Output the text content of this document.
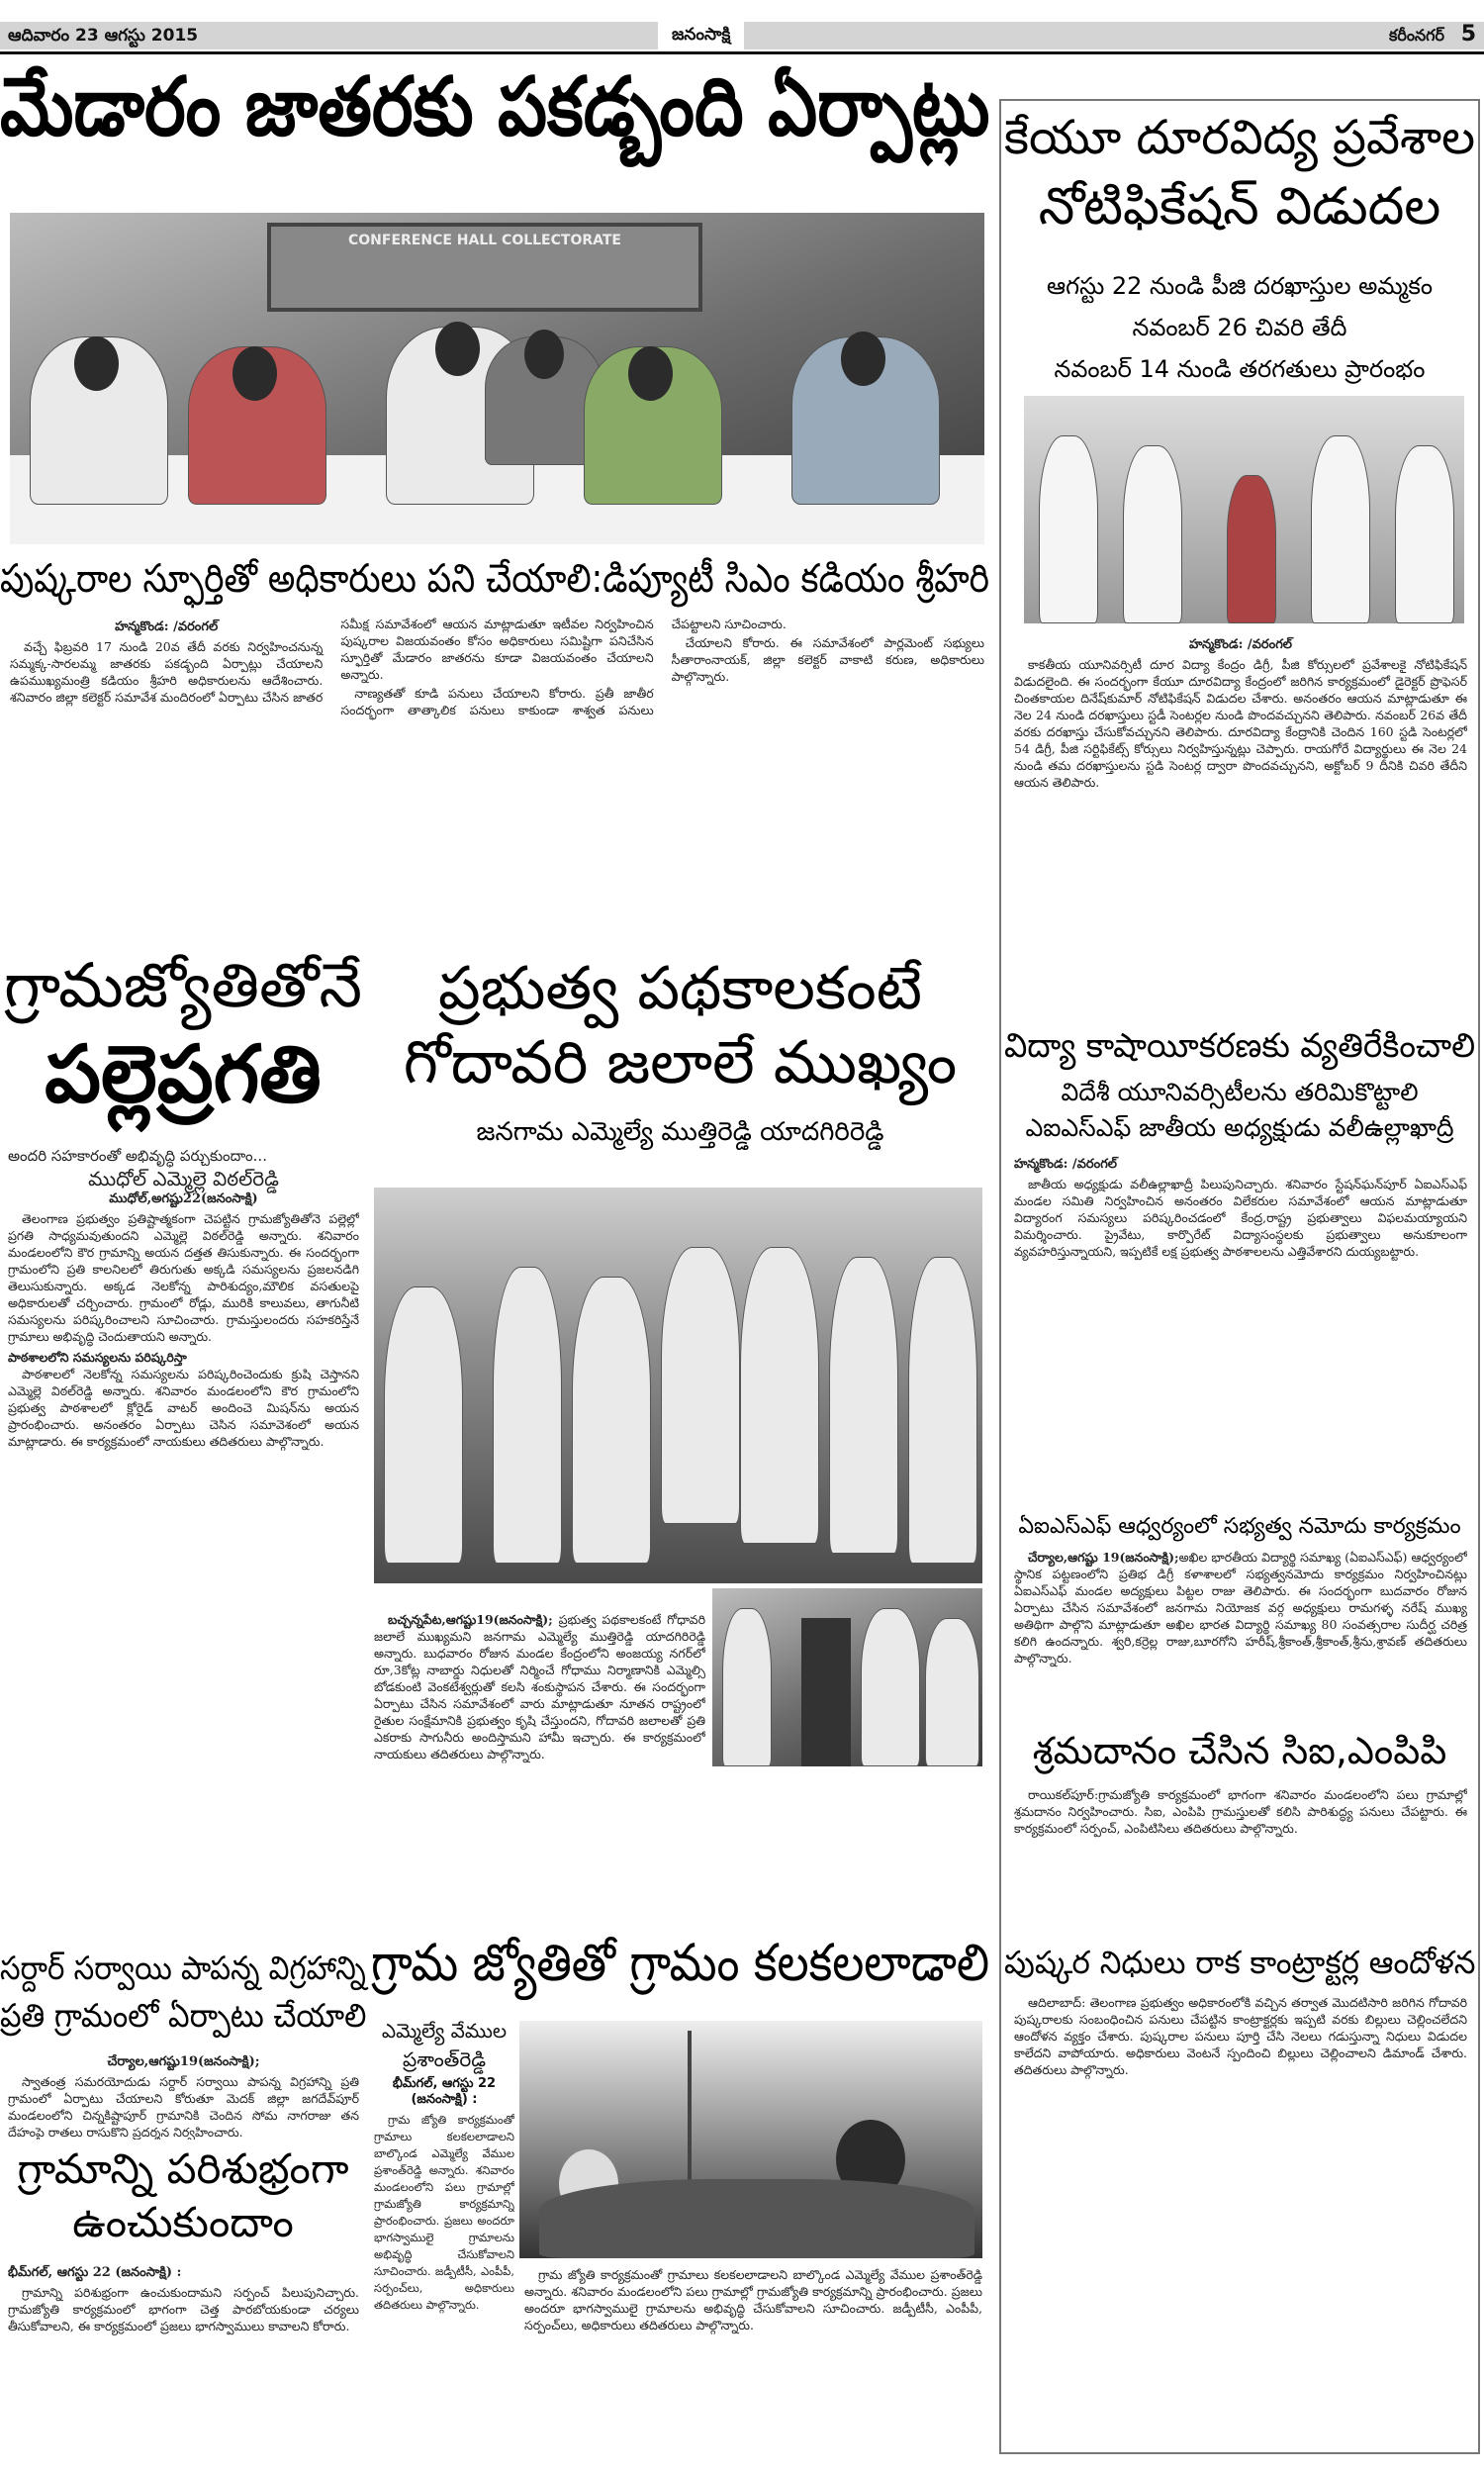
ఆదివారం 23 ఆగస్టు 2015	జనంసాక్షి	కరీంనగర్ 5
మేడారం జాతరకు పకడ్బంది ఏర్పాట్లు
CONFERENCE HALL COLLECTORATE
పుష్కరాల స్ఫూర్తితో అధికారులు పని చేయాలి:డిప్యూటీ సిఎం కడియం శ్రీహరి
హన్మకొండ: /వరంగల్

వచ్చే ఫిబ్రవరి 17 నుండి 20వ తేదీ వరకు నిర్వహించనున్న సమ్మక్క-సారలమ్మ జాతరకు పకడ్బంది ఏర్పాట్లు చేయాలని ఉపముఖ్యమంత్రి కడియం శ్రీహరి అధికారులను ఆదేశించారు. శనివారం జిల్లా కలెక్టర్ సమావేశ మందిరంలో ఏర్పాటు చేసిన జాతర సమీక్ష సమావేశంలో ఆయన మాట్లాడుతూ ఇటీవల నిర్వహించిన పుష్కరాల విజయవంతం కోసం అధికారులు సమిష్టిగా పనిచేసిన స్ఫూర్తితో మేడారం జాతరను కూడా విజయవంతం చేయాలని అన్నారు.

నాణ్యతతో కూడి పనులు చేయాలని కోరారు. ప్రతీ జాతీర సందర్భంగా తాత్కాలిక పనులు కాకుండా శాశ్వత పనులు చేపట్టాలని సూచించారు.

చేయాలని కోరారు. ఈ సమావేశంలో పార్లమెంట్ సభ్యులు సీతారాంనాయక్, జిల్లా కలెక్టర్ వాకాటి కరుణ, అధికారులు పాల్గొన్నారు.

గ్రామజ్యోతితోనే
పల్లెప్రగతి
అందరి సహకారంతో అభివృద్ధి పర్చుకుందాం...
ముధోల్ ఎమ్మెల్లె విఠల్‌రెడ్డి
ముధోల్,అగష్టు22(జనంసాక్షి)

తెలంగాణ ప్రభుత్వం ప్రతిష్టాత్మకంగా చెపట్టిన గ్రామజ్యోతితోనె పల్లెల్లో ప్రగతి సాధ్యమవుతుందని ఎమ్మెల్లె విఠల్‌రెడ్డి అన్నారు. శనివారం మండలంలోని కౌర గ్రామాన్ని అయన దత్తత తిసుకున్నారు. ఈ సందర్భంగా గ్రామంలోని ప్రతి కాలనిలలో తిరుగుతు అక్కడి సమస్యలను ప్రజలనడిగి తెలుసుకున్నారు. అక్కడ నెలకోన్న పారిశుద్యం,మౌలిక వసతులపై అధికారులతో చర్చించారు. గ్రామంలో రోడ్లు, మురికి కాలువలు, తాగునీటి సమస్యలను పరిష్కరించాలని సూచించారు. గ్రామస్తులందరు సహకరిస్తేనే గ్రామాలు అభివృద్ధి చెందుతాయని అన్నారు.

పాఠశాలలోని సమస్యలను పరిష్కరిస్తా

పాఠశాలలో నెలకోన్న సమస్యలను పరిష్కరించెందుకు క్రుషి చెస్తానని ఎమ్మెల్లె విఠల్‌రెడ్డి అన్నారు. శనివారం మండలంలోని కౌర గ్రామంలోని ప్రభుత్వ పాఠశాలలో క్లోరైడ్ వాటర్ అందించె మిషన్‌ను అయన ప్రారంభించారు. అనంతరం ఏర్పాటు చెసిన సమావెశంలో అయన మాట్లాడారు. ఈ కార్యక్రమంలో నాయకులు తదితరులు పాల్గొన్నారు.

సర్దార్ సర్వాయి పాపన్న విగ్రహాన్ని
ప్రతి గ్రామంలో ఏర్పాటు చేయాలి
చేర్యాల,ఆగష్టు19(జనంసాక్షి);

స్వాతంత్ర సమరయోదుడు సర్దార్ సర్వాయి పాపన్న విగ్రహాన్ని ప్రతి గ్రామంలో ఏర్పాటు చేయాలని కోరుతూ మెదక్ జిల్లా జగదేవ్‌పూర్ మండలంలోని చిన్నకిష్టాపూర్ గ్రామానికి చెందిన సోమ నాగరాజు తన దేహంపై రాతలు రాసుకొని ప్రదర్శన నిర్వహించారు.

గ్రామాన్ని పరిశుభ్రంగా
ఉంచుకుందాం
భీమ్‌గల్, ఆగస్టు 22 (జనంసాక్షి) :

గ్రామాన్ని పరిశుభ్రంగా ఉంచుకుందామని సర్పంచ్ పిలుపునిచ్చారు. గ్రామజ్యోతి కార్యక్రమంలో భాగంగా చెత్త పారబోయకుండా చర్యలు తీసుకోవాలని, ఈ కార్యక్రమంలో ప్రజలు భాగస్వాములు కావాలని కోరారు.

ప్రభుత్వ పథకాలకంటే
గోదావరి జలాలే ముఖ్యం
జనగామ ఎమ్మెల్యే ముత్తిరెడ్డి యాదగిరిరెడ్డి

బచ్చన్నపేట,ఆగష్టు19(జనంసాక్షి); ప్రభుత్వ పథకాలకంటే గోధావరి జలాలే ముఖ్యమని జనగామ ఎమ్మెల్యే ముత్తిరెడ్డి యాదగిరిరెడ్డి అన్నారు. బుధవారం రోజున మండల కేంద్రంలోని అంజయ్య నగర్‌లో రూ,3కోట్ల నాబార్డు నిధులతో నిర్మించే గోధాము నిర్మాణానికి ఎమ్మెల్సి బోడకుంటి వెంకటేశ్వర్లుతో కలసి శంకుస్థాపన చేశారు. ఈ సందర్భంగా ఏర్పాటు చేసిన సమావేశంలో వారు మాట్లాడుతూ నూతన రాష్ట్రంలో రైతుల సంక్షేమానికి ప్రభుత్వం కృషి చేస్తుందని, గోదావరి జలాలతో ప్రతి ఎకరాకు సాగునీరు అందిస్తామని హామీ ఇచ్చారు. ఈ కార్యక్రమంలో నాయకులు తదితరులు పాల్గొన్నారు.

గ్రామ జ్యోతితో గ్రామం కలకలలాడాలి
ఎమ్మెల్యే వేముల
ప్రశాంత్‌రెడ్డి
భీమ్‌గల్, ఆగస్టు 22 (జనంసాక్షి) :

గ్రామ జ్యోతి కార్యక్రమంతో గ్రామాలు కలకలలాడాలని బాల్కొండ ఎమ్మెల్యే వేముల ప్రశాంత్‌రెడ్డి అన్నారు. శనివారం మండలంలోని పలు గ్రామాల్లో గ్రామజ్యోతి కార్యక్రమాన్ని ప్రారంభించారు. ప్రజలు అందరూ భాగస్వాములై గ్రామాలను అభివృద్ధి చేసుకోవాలని సూచించారు. జడ్పీటీసీ, ఎంపీపీ, సర్పంచ్‌లు, అధికారులు తదితరులు పాల్గొన్నారు.

గ్రామ జ్యోతి కార్యక్రమంతో గ్రామాలు కలకలలాడాలని బాల్కొండ ఎమ్మెల్యే వేముల ప్రశాంత్‌రెడ్డి అన్నారు. శనివారం మండలంలోని పలు గ్రామాల్లో గ్రామజ్యోతి కార్యక్రమాన్ని ప్రారంభించారు. ప్రజలు అందరూ భాగస్వాములై గ్రామాలను అభివృద్ధి చేసుకోవాలని సూచించారు. జడ్పీటీసీ, ఎంపీపీ, సర్పంచ్‌లు, అధికారులు తదితరులు పాల్గొన్నారు.

కేయూ దూరవిద్య ప్రవేశాల
నోటిఫికేషన్ విడుదల
ఆగస్టు 22 నుండి పీజి దరఖాస్తుల అమ్మకం
నవంబర్ 26 చివరి తేదీ
నవంబర్ 14 నుండి తరగతులు ప్రారంభం
హన్మకొండ: /వరంగల్

కాకతీయ యూనివర్సిటీ దూర విద్యా కేంద్రం డిగ్రీ, పీజి కోర్సులలో ప్రవేశాలకై నోటిఫికేషన్ విడుదలైంది. ఈ సందర్భంగా కేయూ దూరవిద్యా కేంద్రంలో జరిగిన కార్యక్రమంలో డైరెక్టర్ ప్రొఫెసర్ చింతకాయల దినేష్‌కుమార్ నోటిఫికేషన్ విడుదల చేశారు. అనంతరం ఆయన మాట్లాడుతూ ఈ నెల 24 నుండి దరఖాస్తులు స్టడీ సెంటర్లల నుండి పొందవచ్చునని తెలిపారు. నవంబర్ 26వ తేదీ వరకు దరఖాస్తు చేసుకోవచ్చునని తెలిపారు. దూరవిద్యా కేంద్రానికి చెందిన 160 స్టడి సెంటర్లలో 54 డిగ్రీ, పీజి సర్టిఫికేట్స్ కోర్సులు నిర్వహిస్తున్నట్లు చెప్పారు. రాయగోరే విద్యార్థులు ఈ నెల 24 నుండి తమ దరఖాస్తులను స్టడి సెంటర్ల ద్వారా పొందవచ్చునని, అక్టోబర్ 9 దీనికి చివరి తేదీని ఆయన తెలిపారు.

విద్యా కాషాయీకరణకు వ్యతిరేకించాలి
విదేశీ యూనివర్సిటీలను తరిమికొట్టాలి
ఎఐఎస్ఎఫ్ జాతీయ అధ్యక్షుడు వలీఉల్లాఖాద్రీ
హన్మకొండ: /వరంగల్

జాతీయ అధ్యక్షుడు వలీఉల్లాఖాద్రీ పిలుపునిచ్చారు. శనివారం స్టేషన్‌ఘన్‌పూర్ ఏఐఎస్ఎఫ్ మండల సమితి నిర్వహించిన అనంతరం విలేకరుల సమావేశంలో ఆయన మాట్లాడుతూ విద్యారంగ సమస్యలు పరిష్కరించడంలో కేంద్ర,రాష్ట్ర ప్రభుత్వాలు విఫలమయ్యాయని విమర్శించారు. ప్రైవేటు, కార్పొరేట్ విద్యాసంస్థలకు ప్రభుత్వాలు అనుకూలంగా వ్యవహరిస్తున్నాయని, ఇప్పటికే లక్ష ప్రభుత్వ పాఠశాలలను ఎత్తివేశారని దుయ్యబట్టారు.

ఏఐఎస్ఎఫ్ ఆధ్వర్యంలో సభ్యత్వ నమోదు కార్యక్రమం

చేర్యాల,ఆగష్టు 19(జనంసాక్షి);అఖిల భారతీయ విద్యార్థి సమాఖ్య (ఏఐఎస్ఎఫ్) ఆధ్వర్యంలో స్థానిక పట్టణంలోని ప్రతిభ డిగ్రీ కళాశాలలో సభ్యత్వనమోదు కార్యక్రమం నిర్వహించినట్లు ఏఐఎస్ఎఫ్ మండల అద్యక్షులు పిట్టల రాజు తెలిపారు. ఈ సందర్భంగా బుదవారం రోజున ఏర్పాటు చేసిన సమావేశంలో జనగామ నియోజక వర్గ అధ్యక్షులు రామగళ్ళ నరేష్ ముఖ్య అతిథిగా పాల్గొని మాట్లాడుతూ అఖిల భారత విద్యార్థి సమాఖ్య 80 సంవత్సరాల సుదీర్ఘ చరిత్ర కలిగి ఉందన్నారు. శ్వరి,కర్రెల్ల రాజు,బూరగోని హరీష్,శ్రీకాంత్,శ్రీకాంత్,శ్రీను,శ్రావణ్ తదితరులు పాల్గొన్నారు.

శ్రమదానం చేసిన సిఐ,ఎంపిపి

రాయికల్‌పూర్:గ్రామజ్యోతి కార్యక్రమంలో భాగంగా శనివారం మండలంలోని పలు గ్రామాల్లో శ్రమదానం నిర్వహించారు. సిఐ, ఎంపిపి గ్రామస్తులతో కలిసి పారిశుద్ధ్య పనులు చేపట్టారు. ఈ కార్యక్రమంలో సర్పంచ్, ఎంపిటిసిలు తదితరులు పాల్గొన్నారు.

పుష్కర నిధులు రాక కాంట్రాక్టర్ల ఆందోళన

ఆదిలాబాద్: తెలంగాణ ప్రభుత్వం అధికారంలోకి వచ్చిన తర్వాత మొదటిసారి జరిగిన గోదావరి పుష్కరాలకు సంబంధించిన పనులు చేపట్టిన కాంట్రాక్టర్లకు ఇప్పటి వరకు బిల్లులు చెల్లించలేదని ఆందోళన వ్యక్తం చేశారు. పుష్కరాల పనులు పూర్తి చేసి నెలలు గడుస్తున్నా నిధులు విడుదల కాలేదని వాపోయారు. అధికారులు వెంటనే స్పందించి బిల్లులు చెల్లించాలని డిమాండ్ చేశారు. తదితరులు పాల్గొన్నారు.
